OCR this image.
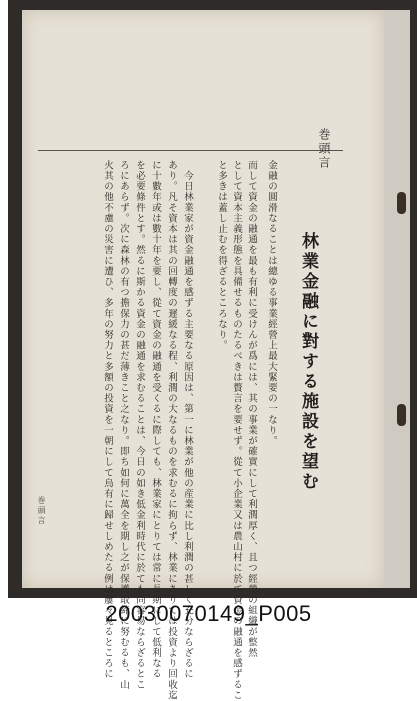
巻頭言
林業金融に對する施設を望む
金融の圓滑なることは總ゆる事業經營上最大緊要の一なり。
而して資金の融通を最も有利に受けんが爲には、其の事業が確實にして利潤厚く、且つ經營の組織が整然
として資本主義形態を具備せるものたるべきは贅言を要せず。從て小企業又は農山村に於て資金の融通を感ずるこ
と多きは蓋し止むを得ざるところなり。
　今日林業家が資金融通を感ずる主要なる原因は、第一に林業が他の産業に比し利潤の甚しく充分ならざるに
あり。凡そ資本は其の回轉度の遲緩なる程、利潤の大なるものを求むるに拘らず、林業にありては投資より回收迄
に十數年或は數十年を要し、從て資金の融通を受くるに際しても、林業家にとりては常に長期にして低利なる
を必要條件とす。然るに斯かる資金の融通を求むることは、今日の如き低金利時代に於ても尚容易ならざるとこ
ろにあらず。次に森林の有つ擔保力の甚だ薄きこと之なり。即ち如何に萬全を期し之が保護取締に努むるも、山
火其の他不慮の災害に遭ひ、多年の努力と多額の投資を一朝にして烏有に歸せしめたる例は屢々見るところに
巻頭言
20030070149_P005
